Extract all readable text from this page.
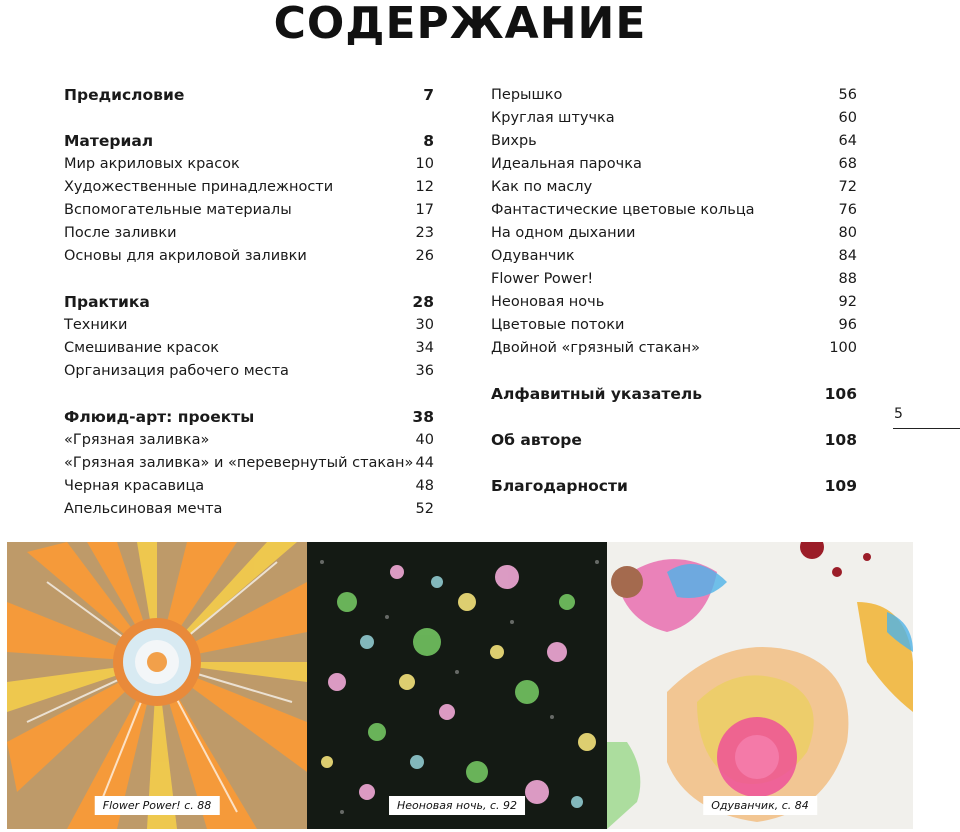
СОДЕРЖАНИЕ
Предисловие	7
Материал	8
Мир акриловых красок	10
Художественные принадлежности	12
Вспомогательные материалы	17
После заливки	23
Основы для акриловой заливки	26
Практика	28
Техники	30
Смешивание красок	34
Организация рабочего места	36
Флюид-арт: проекты	38
«Грязная заливка»	40
«Грязная заливка» и «перевернутый стакан» 44
Черная красавица	48
Апельсиновая мечта	52
Перышко	56
Круглая штучка	60
Вихрь	64
Идеальная парочка	68
Как по маслу	72
Фантастические цветовые кольца	76
На одном дыхании	80
Одуванчик	84
Flower Power!	88
Неоновая ночь	92
Цветовые потоки	96
Двойной «грязный стакан»	100
Алфавитный указатель	106
Об авторе	108
Благодарности	109
5
Flower Power! с. 88	Неоновая ночь, с. 92	Одуванчик, с. 84
